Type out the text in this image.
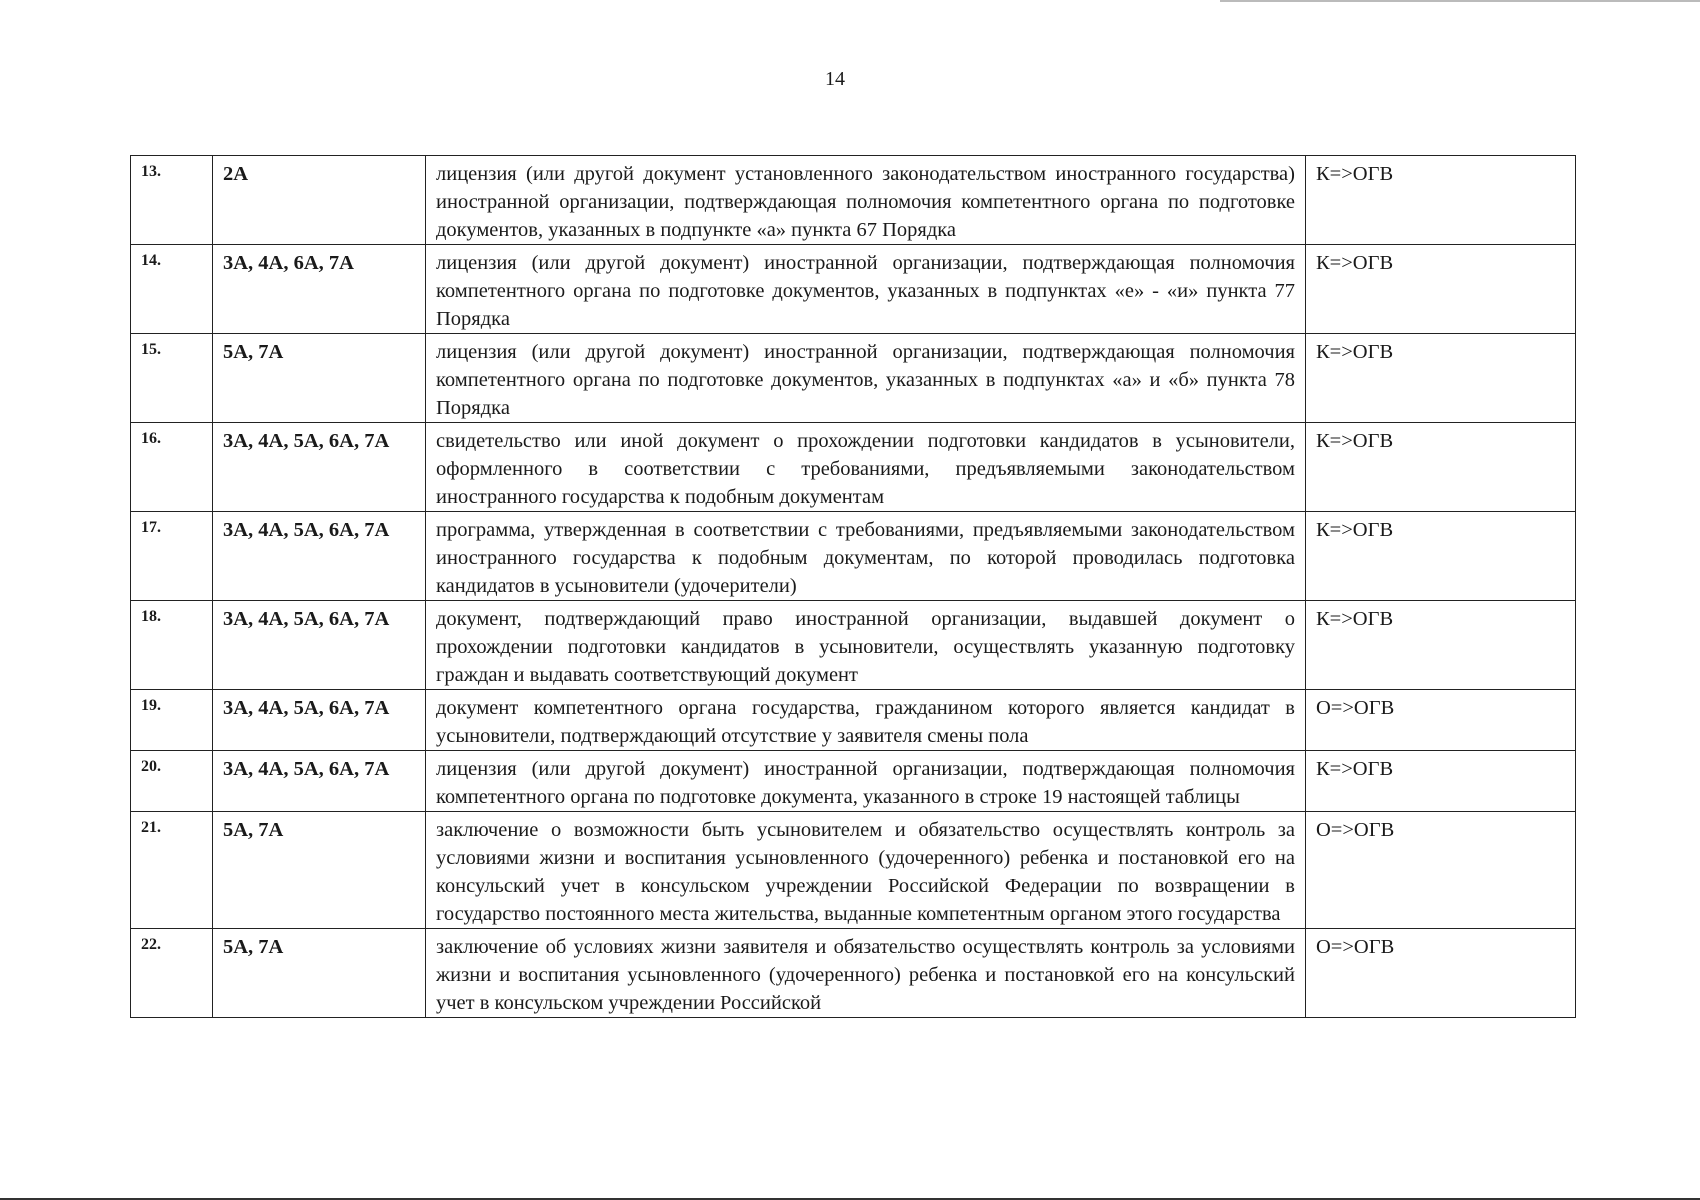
14
13.	2А	лицензия (или другой документ установленного законодательством иностранного государства) иностранной организации, подтверждающая полномочия компетентного органа по подготовке документов, указанных в подпункте «а» пункта 67 Порядка	К=>ОГВ
14.	3А, 4А, 6А, 7А	лицензия (или другой документ) иностранной организации, подтверждающая полномочия компетентного органа по подготовке документов, указанных в подпунктах «е» - «и» пункта 77 Порядка	К=>ОГВ
15.	5А, 7А	лицензия (или другой документ) иностранной организации, подтверждающая полномочия компетентного органа по подготовке документов, указанных в подпунктах «а» и «б» пункта 78 Порядка	К=>ОГВ
16.	3А, 4А, 5А, 6А, 7А	свидетельство или иной документ о прохождении подготовки кандидатов в усыновители, оформленного в соответствии с требованиями, предъявляемыми законодательством иностранного государства к подобным документам	К=>ОГВ
17.	3А, 4А, 5А, 6А, 7А	программа, утвержденная в соответствии с требованиями, предъявляемыми законодательством иностранного государства к подобным документам, по которой проводилась подготовка кандидатов в усыновители (удочерители)	К=>ОГВ
18.	3А, 4А, 5А, 6А, 7А	документ, подтверждающий право иностранной организации, выдавшей документ о прохождении подготовки кандидатов в усыновители, осуществлять указанную подготовку граждан и выдавать соответствующий документ	К=>ОГВ
19.	3А, 4А, 5А, 6А, 7А	документ компетентного органа государства, гражданином которого является кандидат в усыновители, подтверждающий отсутствие у заявителя смены пола	О=>ОГВ
20.	3А, 4А, 5А, 6А, 7А	лицензия (или другой документ) иностранной организации, подтверждающая полномочия компетентного органа по подготовке документа, указанного в строке 19 настоящей таблицы	К=>ОГВ
21.	5А, 7А	заключение о возможности быть усыновителем и обязательство осуществлять контроль за условиями жизни и воспитания усыновленного (удочеренного) ребенка и постановкой его на консульский учет в консульском учреждении Российской Федерации по возвращении в государство постоянного места жительства, выданные компетентным органом этого государства	О=>ОГВ
22.	5А, 7А	заключение об условиях жизни заявителя и обязательство осуществлять контроль за условиями жизни и воспитания усыновленного (удочеренного) ребенка и постановкой его на консульский учет в консульском учреждении Российской	О=>ОГВ
